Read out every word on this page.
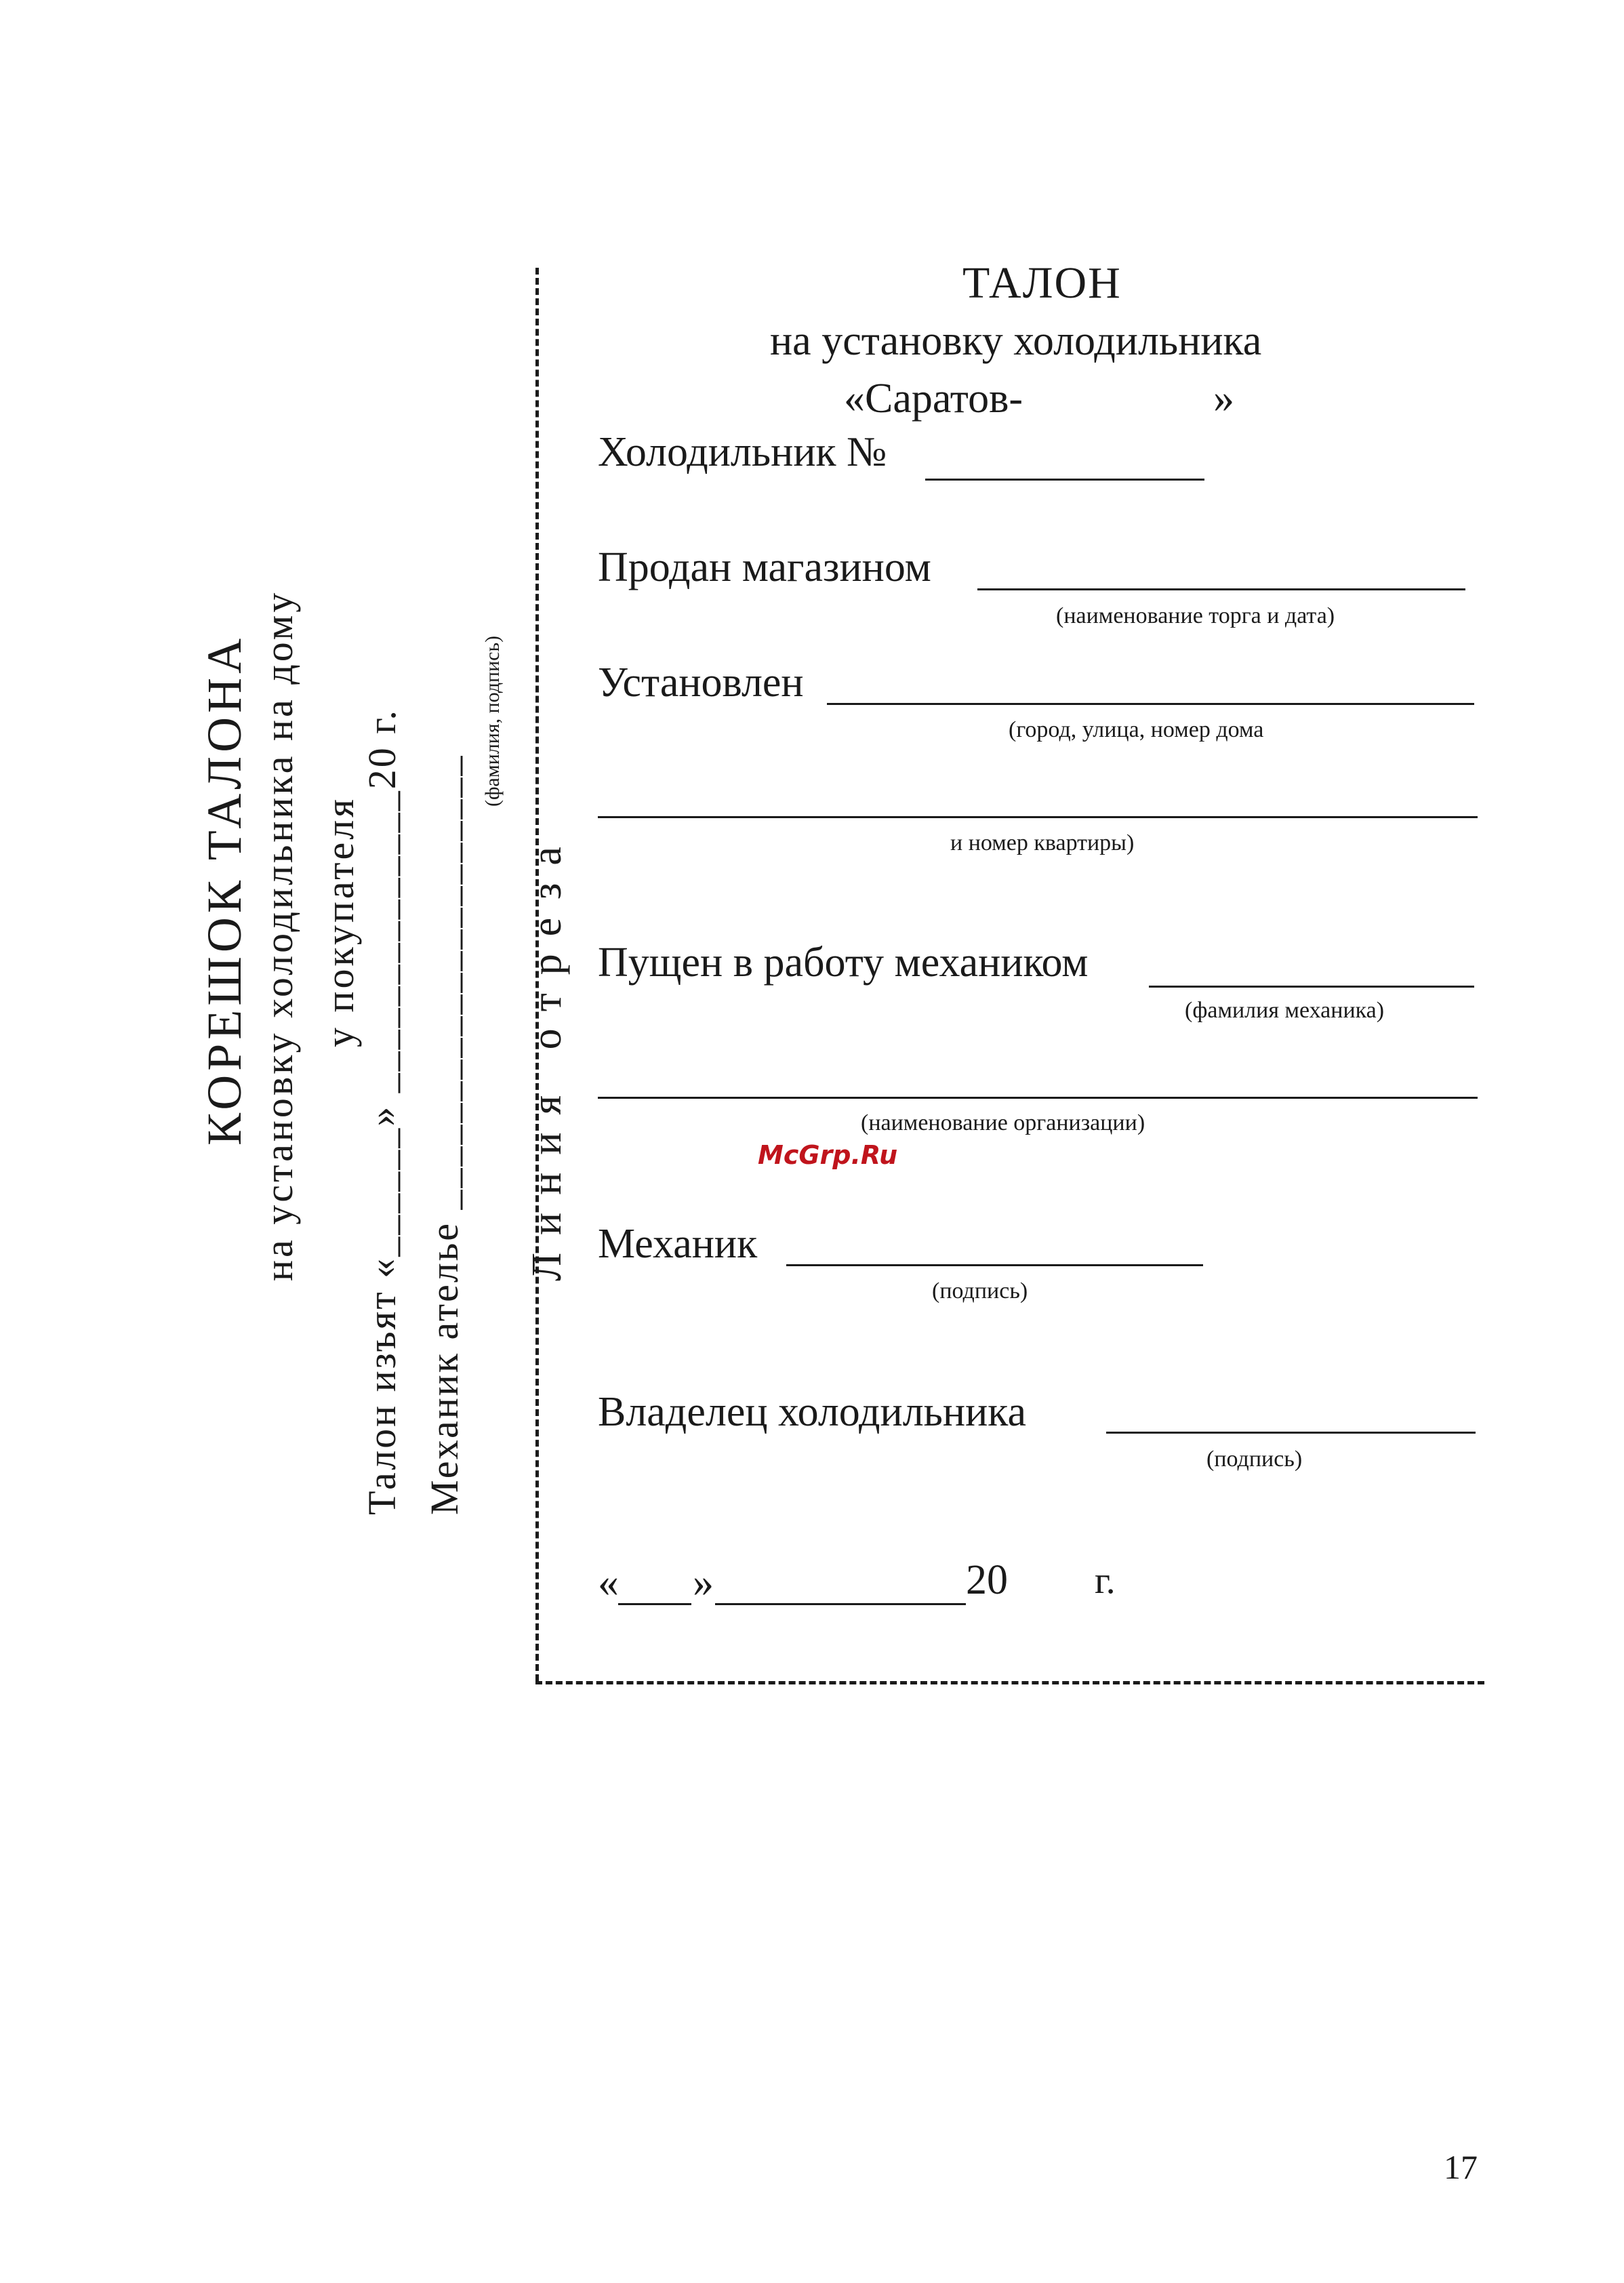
КОРЕШОК ТАЛОНА на установку холодильника на дому у покупателя
Талон изъят «______» ______________20 г. Механик ателье _____________________
(фамилия, подпись)
Линия отреза
ТАЛОН
на установку холодильника
«Саратов-	»
Холодильник №
Продан магазином
(наименование торга и дата)
Установлен
(город, улица, номер дома
и номер квартиры)
Пущен в работу механиком
(фамилия механика)
(наименование организации)
McGrp.Ru
Механик
(подпись)
Владелец холодильника
(подпись)
« »	20 г.
17
